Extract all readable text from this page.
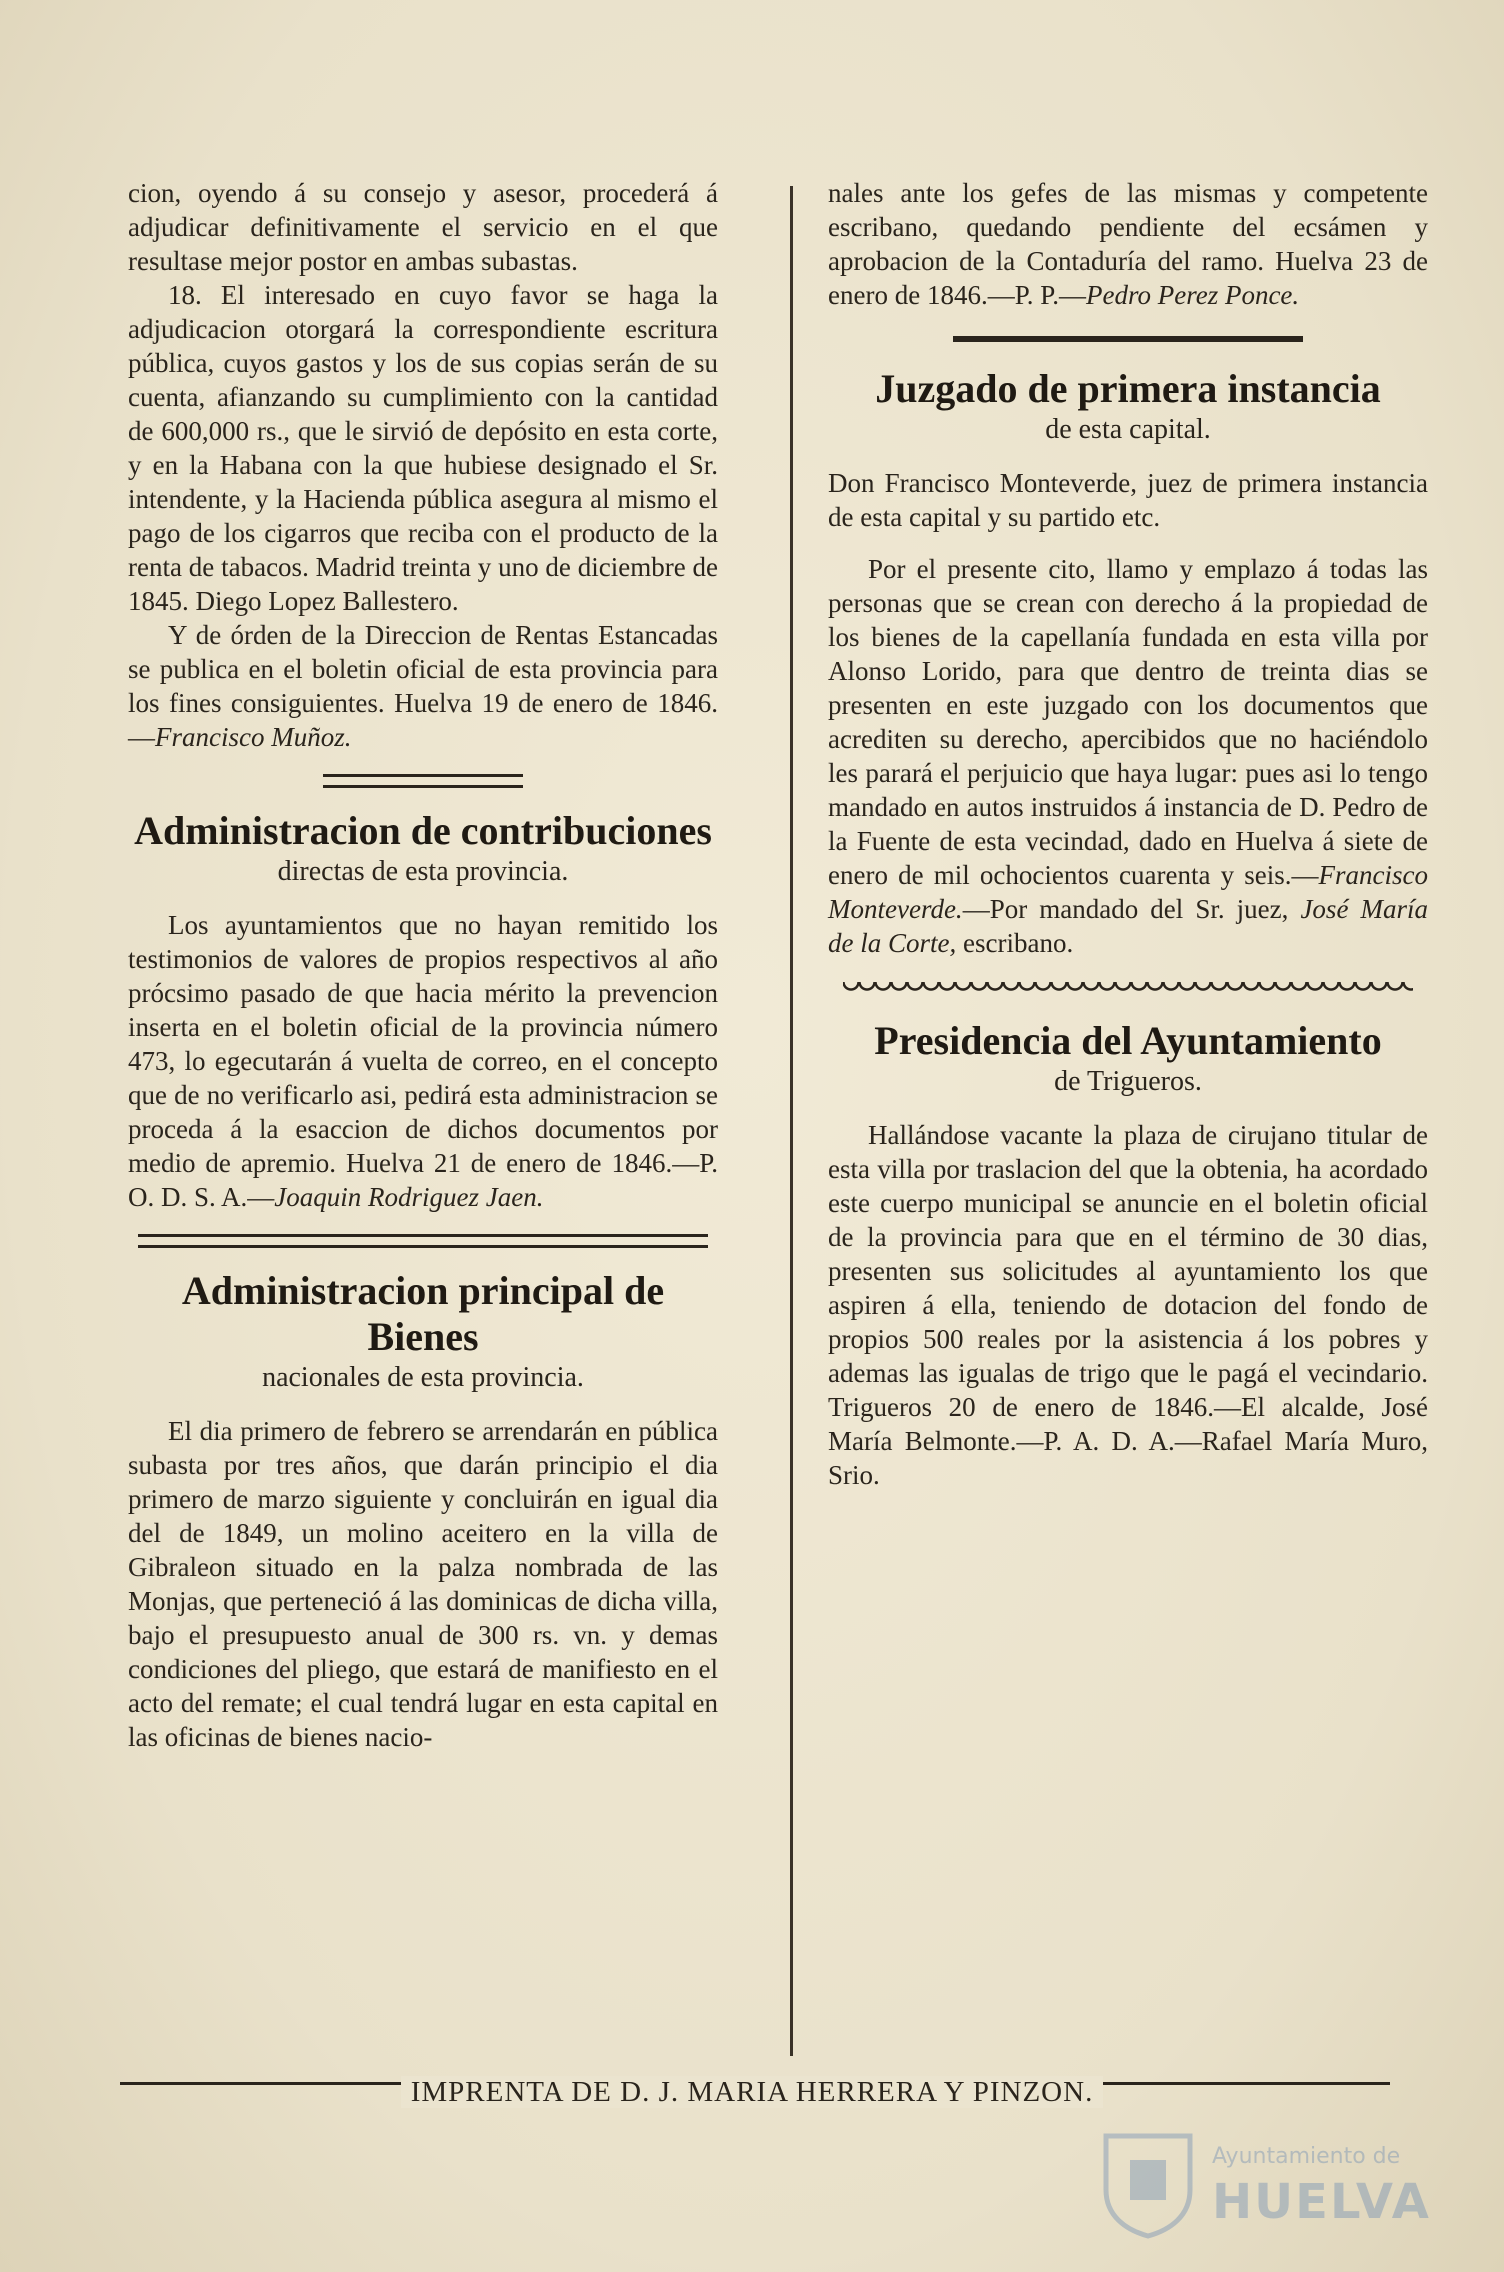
cion, oyendo á su consejo y asesor, procederá á adjudicar definitivamente el servicio en el que resultase mejor postor en ambas subastas.

18. El interesado en cuyo favor se haga la adjudicacion otorgará la correspondiente escritura pública, cuyos gastos y los de sus copias serán de su cuenta, afianzando su cumplimiento con la cantidad de 600,000 rs., que le sirvió de depósito en esta corte, y en la Habana con la que hubiese designado el Sr. intendente, y la Hacienda pública asegura al mismo el pago de los cigarros que reciba con el producto de la renta de tabacos. Madrid treinta y uno de diciembre de 1845. Diego Lopez Ballestero.

Y de órden de la Direccion de Rentas Estancadas se publica en el boletin oficial de esta provincia para los fines consiguientes. Huelva 19 de enero de 1846.—Francisco Muñoz.

Administracion de contribuciones
directas de esta provincia.

Los ayuntamientos que no hayan remitido los testimonios de valores de propios respectivos al año prócsimo pasado de que hacia mérito la prevencion inserta en el boletin oficial de la provincia número 473, lo egecutarán á vuelta de correo, en el concepto que de no verificarlo asi, pedirá esta administracion se proceda á la esaccion de dichos documentos por medio de apremio. Huelva 21 de enero de 1846.—P. O. D. S. A.—Joaquin Rodriguez Jaen.

Administracion principal de Bienes
nacionales de esta provincia.

El dia primero de febrero se arrendarán en pública subasta por tres años, que darán principio el dia primero de marzo siguiente y concluirán en igual dia del de 1849, un molino aceitero en la villa de Gibraleon situado en la palza nombrada de las Monjas, que perteneció á las dominicas de dicha villa, bajo el presupuesto anual de 300 rs. vn. y demas condiciones del pliego, que estará de manifiesto en el acto del remate; el cual tendrá lugar en esta capital en las oficinas de bienes nacio-

nales ante los gefes de las mismas y competente escribano, quedando pendiente del ecsámen y aprobacion de la Contaduría del ramo. Huelva 23 de enero de 1846.—P. P.—Pedro Perez Ponce.

Juzgado de primera instancia
de esta capital.

Don Francisco Monteverde, juez de primera instancia de esta capital y su partido etc.

Por el presente cito, llamo y emplazo á todas las personas que se crean con derecho á la propiedad de los bienes de la capellanía fundada en esta villa por Alonso Lorido, para que dentro de treinta dias se presenten en este juzgado con los documentos que acrediten su derecho, apercibidos que no haciéndolo les parará el perjuicio que haya lugar: pues asi lo tengo mandado en autos instruidos á instancia de D. Pedro de la Fuente de esta vecindad, dado en Huelva á siete de enero de mil ochocientos cuarenta y seis.—Francisco Monteverde.—Por mandado del Sr. juez, José María de la Corte, escribano.

Presidencia del Ayuntamiento
de Trigueros.

Hallándose vacante la plaza de cirujano titular de esta villa por traslacion del que la obtenia, ha acordado este cuerpo municipal se anuncie en el boletin oficial de la provincia para que en el término de 30 dias, presenten sus solicitudes al ayuntamiento los que aspiren á ella, teniendo de dotacion del fondo de propios 500 reales por la asistencia á los pobres y ademas las igualas de trigo que le pagá el vecindario. Trigueros 20 de enero de 1846.—El alcalde, José María Belmonte.—P. A. D. A.—Rafael María Muro, Srio.

IMPRENTA DE D. J. MARIA HERRERA Y PINZON.
Ayuntamiento de
HUELVA
